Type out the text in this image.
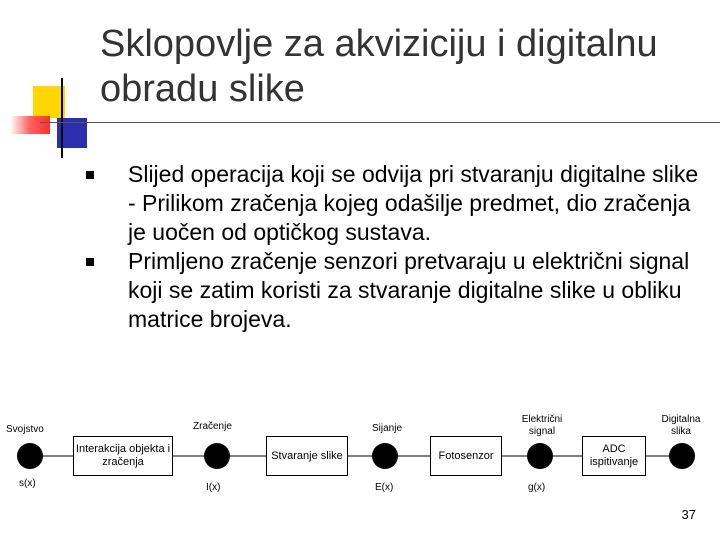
Sklopovlje za akviziciju i digitalnu obradu slike
Slijed operacija koji se odvija pri stvaranju digitalne slike - Prilikom zračenja kojeg odašilje predmet, dio zračenja je uočen od optičkog sustava.
Primljeno zračenje senzori pretvaraju u električni signal koji se zatim koristi za stvaranje digitalne slike u obliku matrice brojeva.
Svojstvo	Zračenje	Sijanje
Električni signal
Digitalna slika
Interakcija objekta i zračenja
Stvaranje slike	Fotosenzor
ADC ispitivanje
s(x)	I(x)	E(x)	g(x)
37
